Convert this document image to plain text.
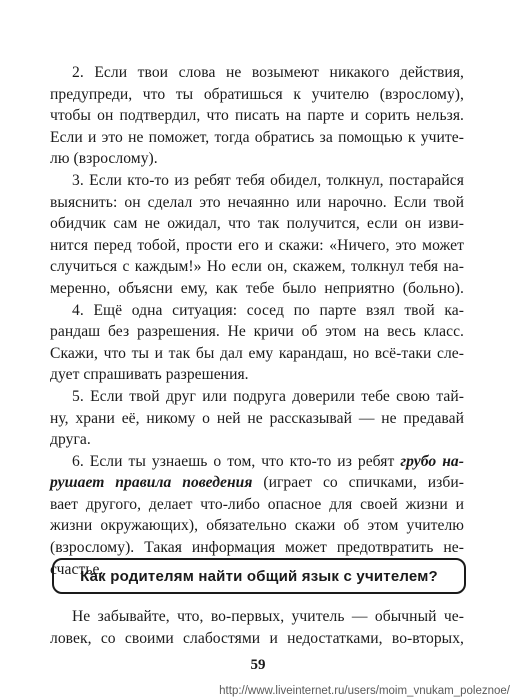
2. Если твои слова не возымеют никакого действия,
предупреди, что ты обратишься к учителю (взрослому),
чтобы он подтвердил, что писать на парте и сорить нельзя.
Если и это не поможет, тогда обратись за помощью к учите-
лю (взрослому).
3. Если кто-то из ребят тебя обидел, толкнул, постарайся
выяснить: он сделал это нечаянно или нарочно. Если твой
обидчик сам не ожидал, что так получится, если он изви-
нится перед тобой, прости его и скажи: «Ничего, это может
случиться с каждым!» Но если он, скажем, толкнул тебя на-
меренно, объясни ему, как тебе было неприятно (больно).
4. Ещё одна ситуация: сосед по парте взял твой ка-
рандаш без разрешения. Не кричи об этом на весь класс.
Скажи, что ты и так бы дал ему карандаш, но всё-таки сле-
дует спрашивать разрешения.
5. Если твой друг или подруга доверили тебе свою тай-
ну, храни её, никому о ней не рассказывай — не предавай
друга.
6. Если ты узнаешь о том, что кто-то из ребят грубо на-
рушает правила поведения (играет со спичками, изби-
вает другого, делает что-либо опасное для своей жизни и
жизни окружающих), обязательно скажи об этом учителю
(взрослому). Такая информация может предотвратить не-
счастье.
Как родителям найти общий язык с учителем?
Не забывайте, что, во-первых, учитель — обычный че-
ловек, со своими слабостями и недостатками, во-вторых,
59
http://www.liveinternet.ru/users/moim_vnukam_poleznoe/
